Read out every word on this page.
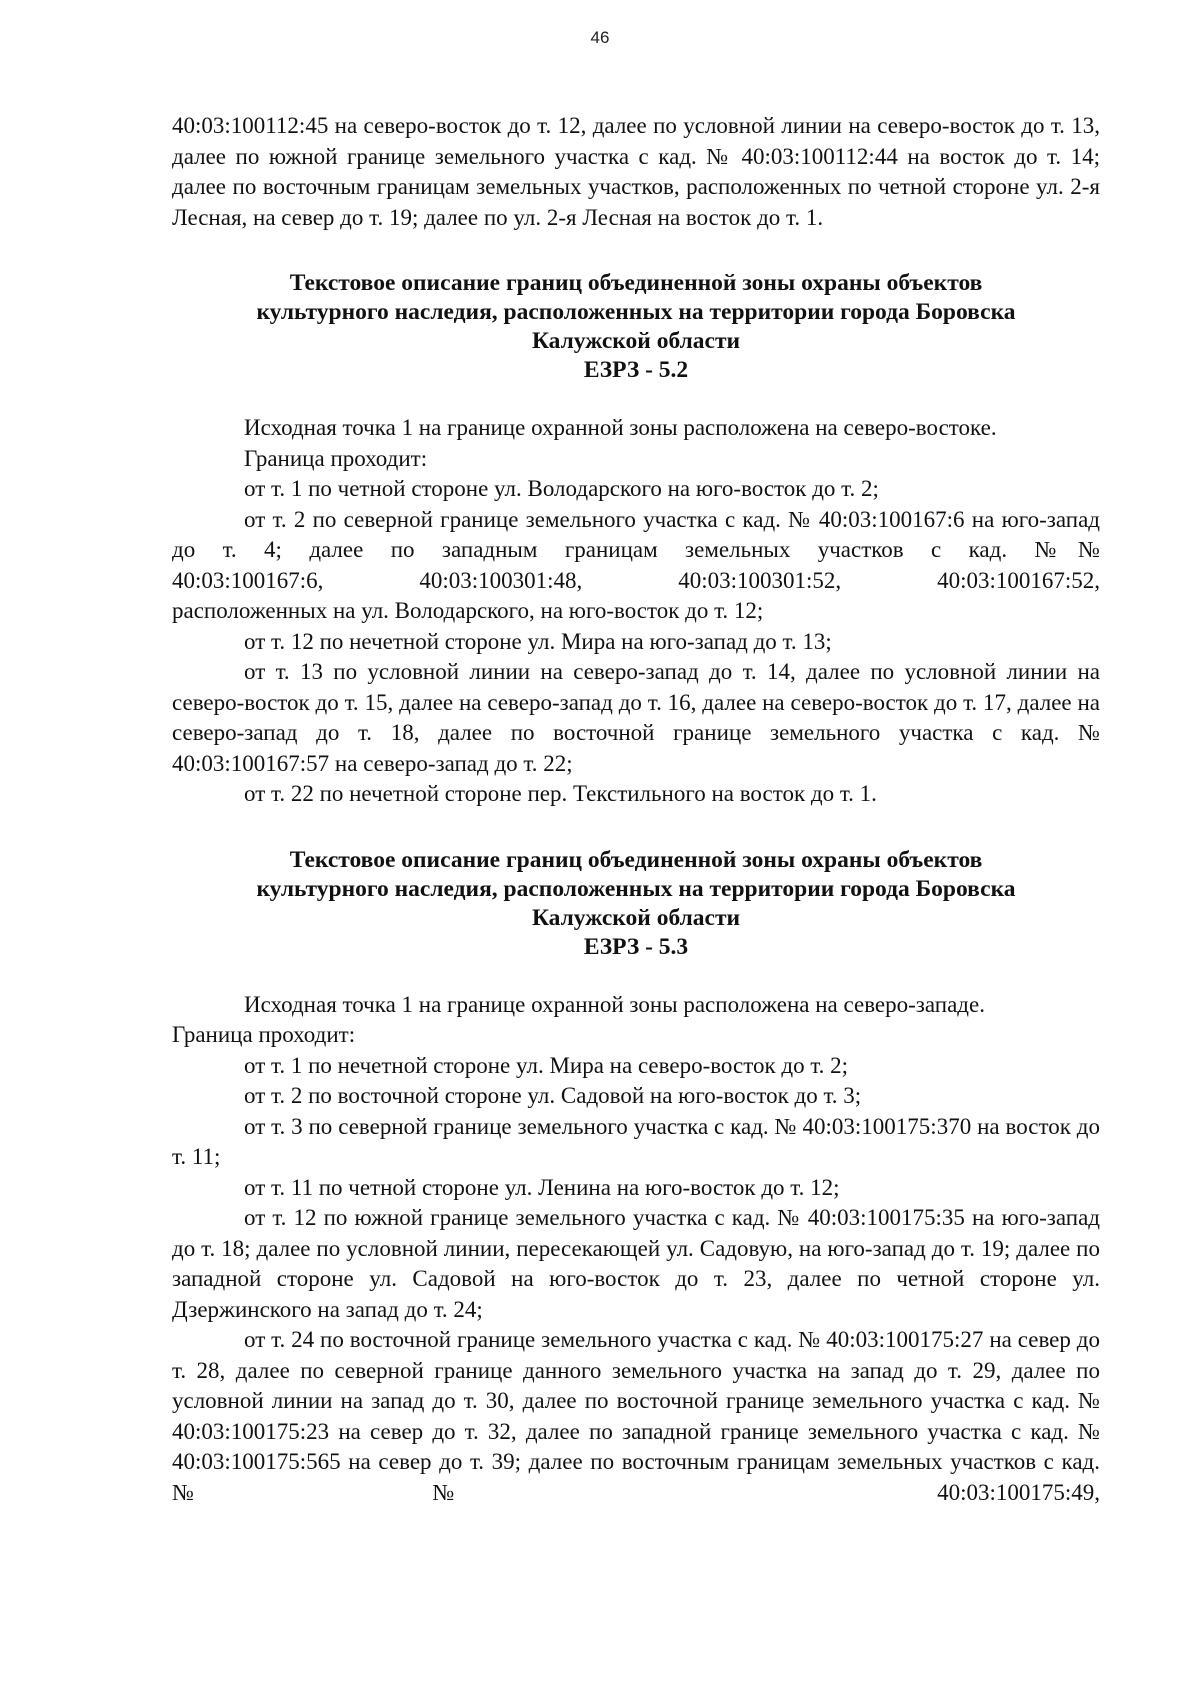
46

40:03:100112:45 на северо-восток до т. 12, далее по условной линии на северо-восток до т. 13, далее по южной границе земельного участка с кад. № 40:03:100112:44 на восток до т. 14; далее по восточным границам земельных участков, расположенных по четной стороне ул. 2-я Лесная, на север до т. 19; далее по ул. 2-я Лесная на восток до т. 1.

Текстовое описание границ объединенной зоны охраны объектов

культурного наследия, расположенных на территории города Боровска

Калужской области

ЕЗРЗ - 5.2

Исходная точка 1 на границе охранной зоны расположена на северо-востоке.

Граница проходит:

от т. 1 по четной стороне ул. Володарского на юго-восток до т. 2;

от т. 2 по северной границе земельного участка с кад. № 40:03:100167:6 на юго-запад до т. 4; далее по западным границам земельных участков с кад. №№

40:03:100167:6,	40:03:100301:48,	40:03:100301:52,	40:03:100167:52,

расположенных на ул. Володарского, на юго-восток до т. 12;

от т. 12 по нечетной стороне ул. Мира на юго-запад до т. 13;

от т. 13 по условной линии на северо-запад до т. 14, далее по условной линии на северо-восток до т. 15, далее на северо-запад до т. 16, далее на северо-восток до т. 17, далее на северо-запад до т. 18, далее по восточной границе земельного участка с кад. № 40:03:100167:57 на северо-запад до т. 22;

от т. 22 по нечетной стороне пер. Текстильного на восток до т. 1.

Текстовое описание границ объединенной зоны охраны объектов

культурного наследия, расположенных на территории города Боровска

Калужской области

ЕЗРЗ - 5.3

Исходная точка 1 на границе охранной зоны расположена на северо-западе.

Граница проходит:

от т. 1 по нечетной стороне ул. Мира на северо-восток до т. 2;

от т. 2 по восточной стороне ул. Садовой на юго-восток до т. 3;

от т. 3 по северной границе земельного участка с кад. № 40:03:100175:370 на восток до т. 11;

от т. 11 по четной стороне ул. Ленина на юго-восток до т. 12;

от т. 12 по южной границе земельного участка с кад. № 40:03:100175:35 на юго-запад до т. 18; далее по условной линии, пересекающей ул. Садовую, на юго-запад до т. 19; далее по западной стороне ул. Садовой на юго-восток до т. 23, далее по четной стороне ул. Дзержинского на запад до т. 24;

от т. 24 по восточной границе земельного участка с кад. № 40:03:100175:27 на север до т. 28, далее по северной границе данного земельного участка на запад до т. 29, далее по условной линии на запад до т. 30, далее по восточной границе земельного участка с кад. № 40:03:100175:23 на север до т. 32, далее по западной границе земельного участка с кад. № 40:03:100175:565 на север до т. 39; далее по восточным границам земельных участков с кад. №№ 40:03:100175:49,
